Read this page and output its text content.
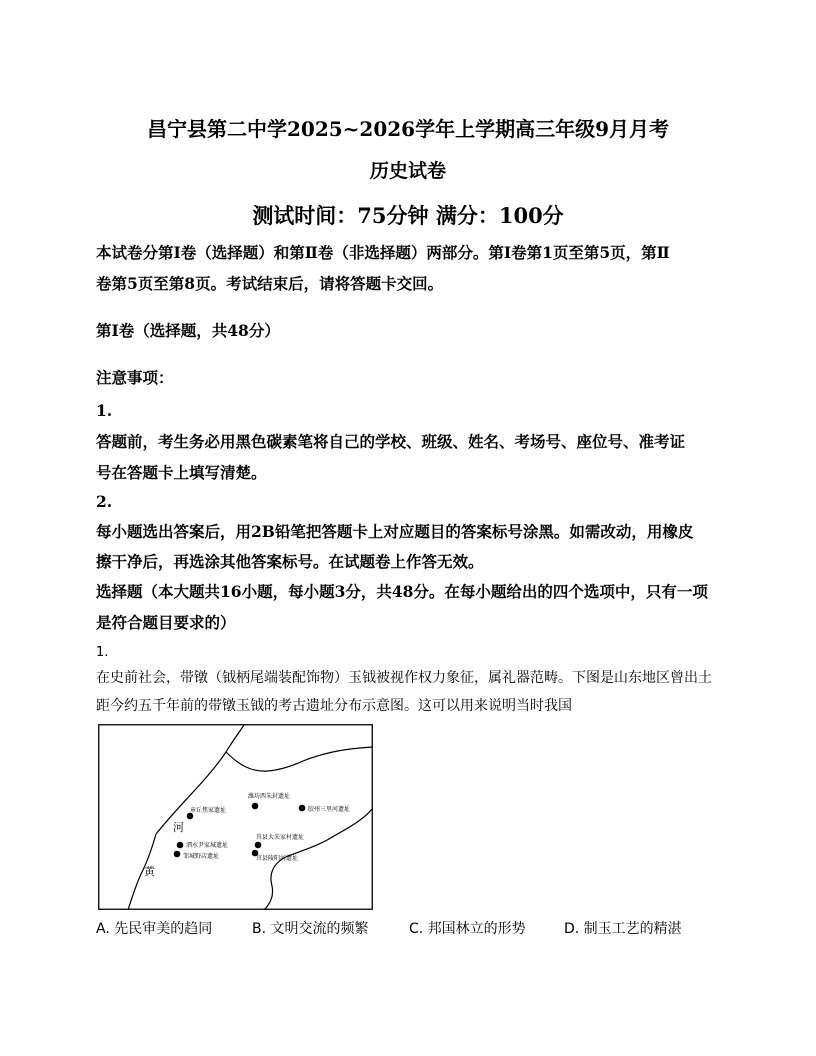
昌宁县第二中学2025~2026学年上学期高三年级9月月考
历史试卷
测试时间：75分钟 满分：100分
本试卷分第Ⅰ卷（选择题）和第Ⅱ卷（非选择题）两部分。第Ⅰ卷第1页至第5页，第Ⅱ
卷第5页至第8页。考试结束后，请将答题卡交回。
第Ⅰ卷（选择题，共48分）
注意事项：
1.
答题前，考生务必用黑色碳素笔将自己的学校、班级、姓名、考场号、座位号、准考证
号在答题卡上填写清楚。
2.
每小题选出答案后，用2B铅笔把答题卡上对应题目的答案标号涂黑。如需改动，用橡皮
擦干净后，再选涂其他答案标号。在试题卷上作答无效。
选择题（本大题共16小题，每小题3分，共48分。在每小题给出的四个选项中，只有一项
是符合题目要求的）
1.
在史前社会，带镦（钺柄尾端装配饰物）玉钺被视作权力象征，属礼器范畴。下图是山东地区曾出土
距今约五千年前的带镦玉钺的考古遗址分布示意图。这可以用来说明当时我国
河
黄
章丘焦家遗址
潍坊西朱封遗址
胶州三里河遗址
莒县大朱家村遗址
泗水尹家城遗址
邹城野店遗址	莒县陵阳河遗址
A. 先民审美的趋同	B. 文明交流的频繁	C. 邦国林立的形势	D. 制玉工艺的精湛
